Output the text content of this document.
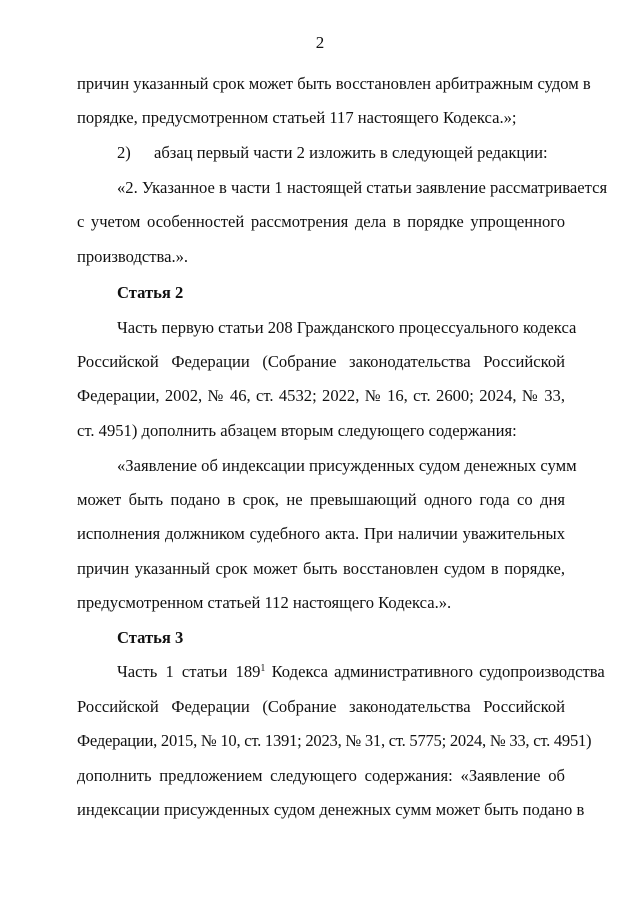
2
причин указанный срок может быть восстановлен арбитражным судом в
порядке, предусмотренном статьей 117 настоящего Кодекса.»;
2)	абзац первый части 2 изложить в следующей редакции:
«2. Указанное в части 1 настоящей статьи заявление рассматривается
с учетом особенностей рассмотрения дела в порядке упрощенного
производства.».
Статья 2
Часть первую статьи 208 Гражданского процессуального кодекса
Российской Федерации (Собрание законодательства Российской
Федерации, 2002, № 46, ст. 4532; 2022, № 16, ст. 2600; 2024, № 33,
ст. 4951) дополнить абзацем вторым следующего содержания:
«Заявление об индексации присужденных судом денежных сумм
может быть подано в срок, не превышающий одного года со дня
исполнения должником судебного акта. При наличии уважительных
причин указанный срок может быть восстановлен судом в порядке,
предусмотренном статьей 112 настоящего Кодекса.».
Статья 3
Часть 1 статьи $189^1$ Кодекса административного судопроизводства
Российской Федерации (Собрание законодательства Российской
Федерации, 2015, № 10, ст. 1391; 2023, № 31, ст. 5775; 2024, № 33, ст. 4951)
дополнить предложением следующего содержания: «Заявление об
индексации присужденных судом денежных сумм может быть подано в
